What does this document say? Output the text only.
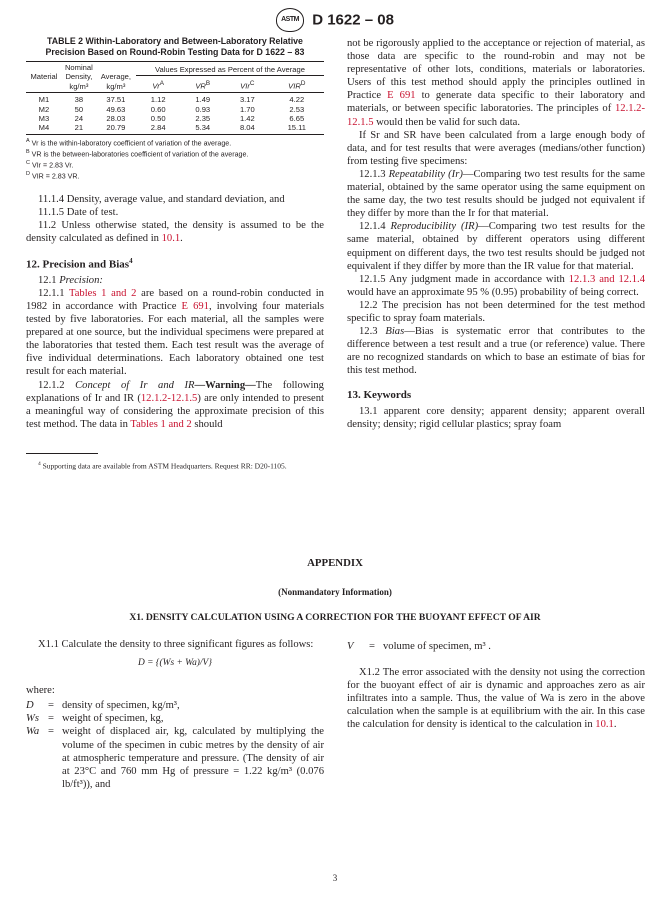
ASTM D 1622 – 08
TABLE 2 Within-Laboratory and Between-Laboratory Relative
Precision Based on Round-Robin Testing Data for D 1622 – 83
Material	Nominal Density, kg/m³	Average, kg/m³	Values Expressed as Percent of the Average			
			$Vr^A$	$VR^B$	VIr$^C$	$VIR^D$
M1	38	37.51	1.12	1.49	3.17	4.22
M2	50	49.63	0.60	0.93	1.70	2.53
M3	24	28.03	0.50	2.35	1.42	6.65
M4	21	20.79	2.84	5.34	8.04	15.11
$^A$ Vr is the within-laboratory coefficient of variation of the average.
$^B$ VR is the between-laboratories coefficient of variation of the average.
$^C$ VIr = 2.83 Vr.
$^D$ VIR = 2.83 VR.

11.1.4 Density, average value, and standard deviation, and

11.1.5 Date of test.

11.2 Unless otherwise stated, the density is assumed to be the density calculated as defined in 10.1.

12. Precision and Bias$^4$

12.1 Precision:

12.1.1 Tables 1 and 2 are based on a round-robin conducted in 1982 in accordance with Practice E 691, involving four materials tested by five laboratories. For each material, all the samples were prepared at one source, but the individual specimens were prepared at the laboratories that tested them. Each test result was the average of five individual determinations. Each laboratory obtained one test result for each material.

12.1.2 Concept of Ir and IR—Warning—The following explanations of Ir and IR (12.1.2-12.1.5) are only intended to present a meaningful way of considering the approximate precision of this test method. The data in Tables 1 and 2 should

$^4$ Supporting data are available from ASTM Headquarters. Request RR: D20-1105.

not be rigorously applied to the acceptance or rejection of material, as those data are specific to the round-robin and may not be representative of other lots, conditions, materials or laboratories. Users of this test method should apply the principles outlined in Practice E 691 to generate data specific to their laboratory and materials, or between specific laboratories. The principles of 12.1.2-12.1.5 would then be valid for such data.

If Sr and SR have been calculated from a large enough body of data, and for test results that were averages (medians/other function) from testing five specimens:

12.1.3 Repeatability (Ir)—Comparing two test results for the same material, obtained by the same operator using the same equipment on the same day, the two test results should be judged not equivalent if they differ by more than the Ir for that material.

12.1.4 Reproducibility (IR)—Comparing two test results for the same material, obtained by different operators using different equipment on different days, the two test results should be judged not equivalent if they differ by more than the IR value for that material.

12.1.5 Any judgment made in accordance with 12.1.3 and 12.1.4 would have an approximate 95 % (0.95) probability of being correct.

12.2 The precision has not been determined for the test method specific to spray foam materials.

12.3 Bias—Bias is systematic error that contributes to the difference between a test result and a true (or reference) value. There are no recognized standards on which to base an estimate of bias for this test method.

13. Keywords

13.1 apparent core density; apparent density; apparent overall density; density; rigid cellular plastics; spray foam

APPENDIX
(Nonmandatory Information)
X1. DENSITY CALCULATION USING A CORRECTION FOR THE BUOYANT EFFECT OF AIR

X1.1 Calculate the density to three significant figures as follows:

D = {(Ws + Wa)/V}

where:

D	= density of specimen, kg/m³,
Ws = weight of specimen, kg,
Wa = weight of displaced air, kg, calculated by multiplying the volume of the specimen in cubic metres by the density of air at atmospheric temperature and pressure. (The density of air at 23°C and 760 mm Hg of pressure = 1.22 kg/m³ (0.076 lb/ft³)), and
V	= volume of specimen, m³ .

X1.2 The error associated with the density not using the correction for the buoyant effect of air is dynamic and approaches zero as air infiltrates into a sample. Thus, the value of Wa is zero in the above calculation when the sample is at equilibrium with the air. In this case the calculation for density is identical to the calculation in 10.1.

3
